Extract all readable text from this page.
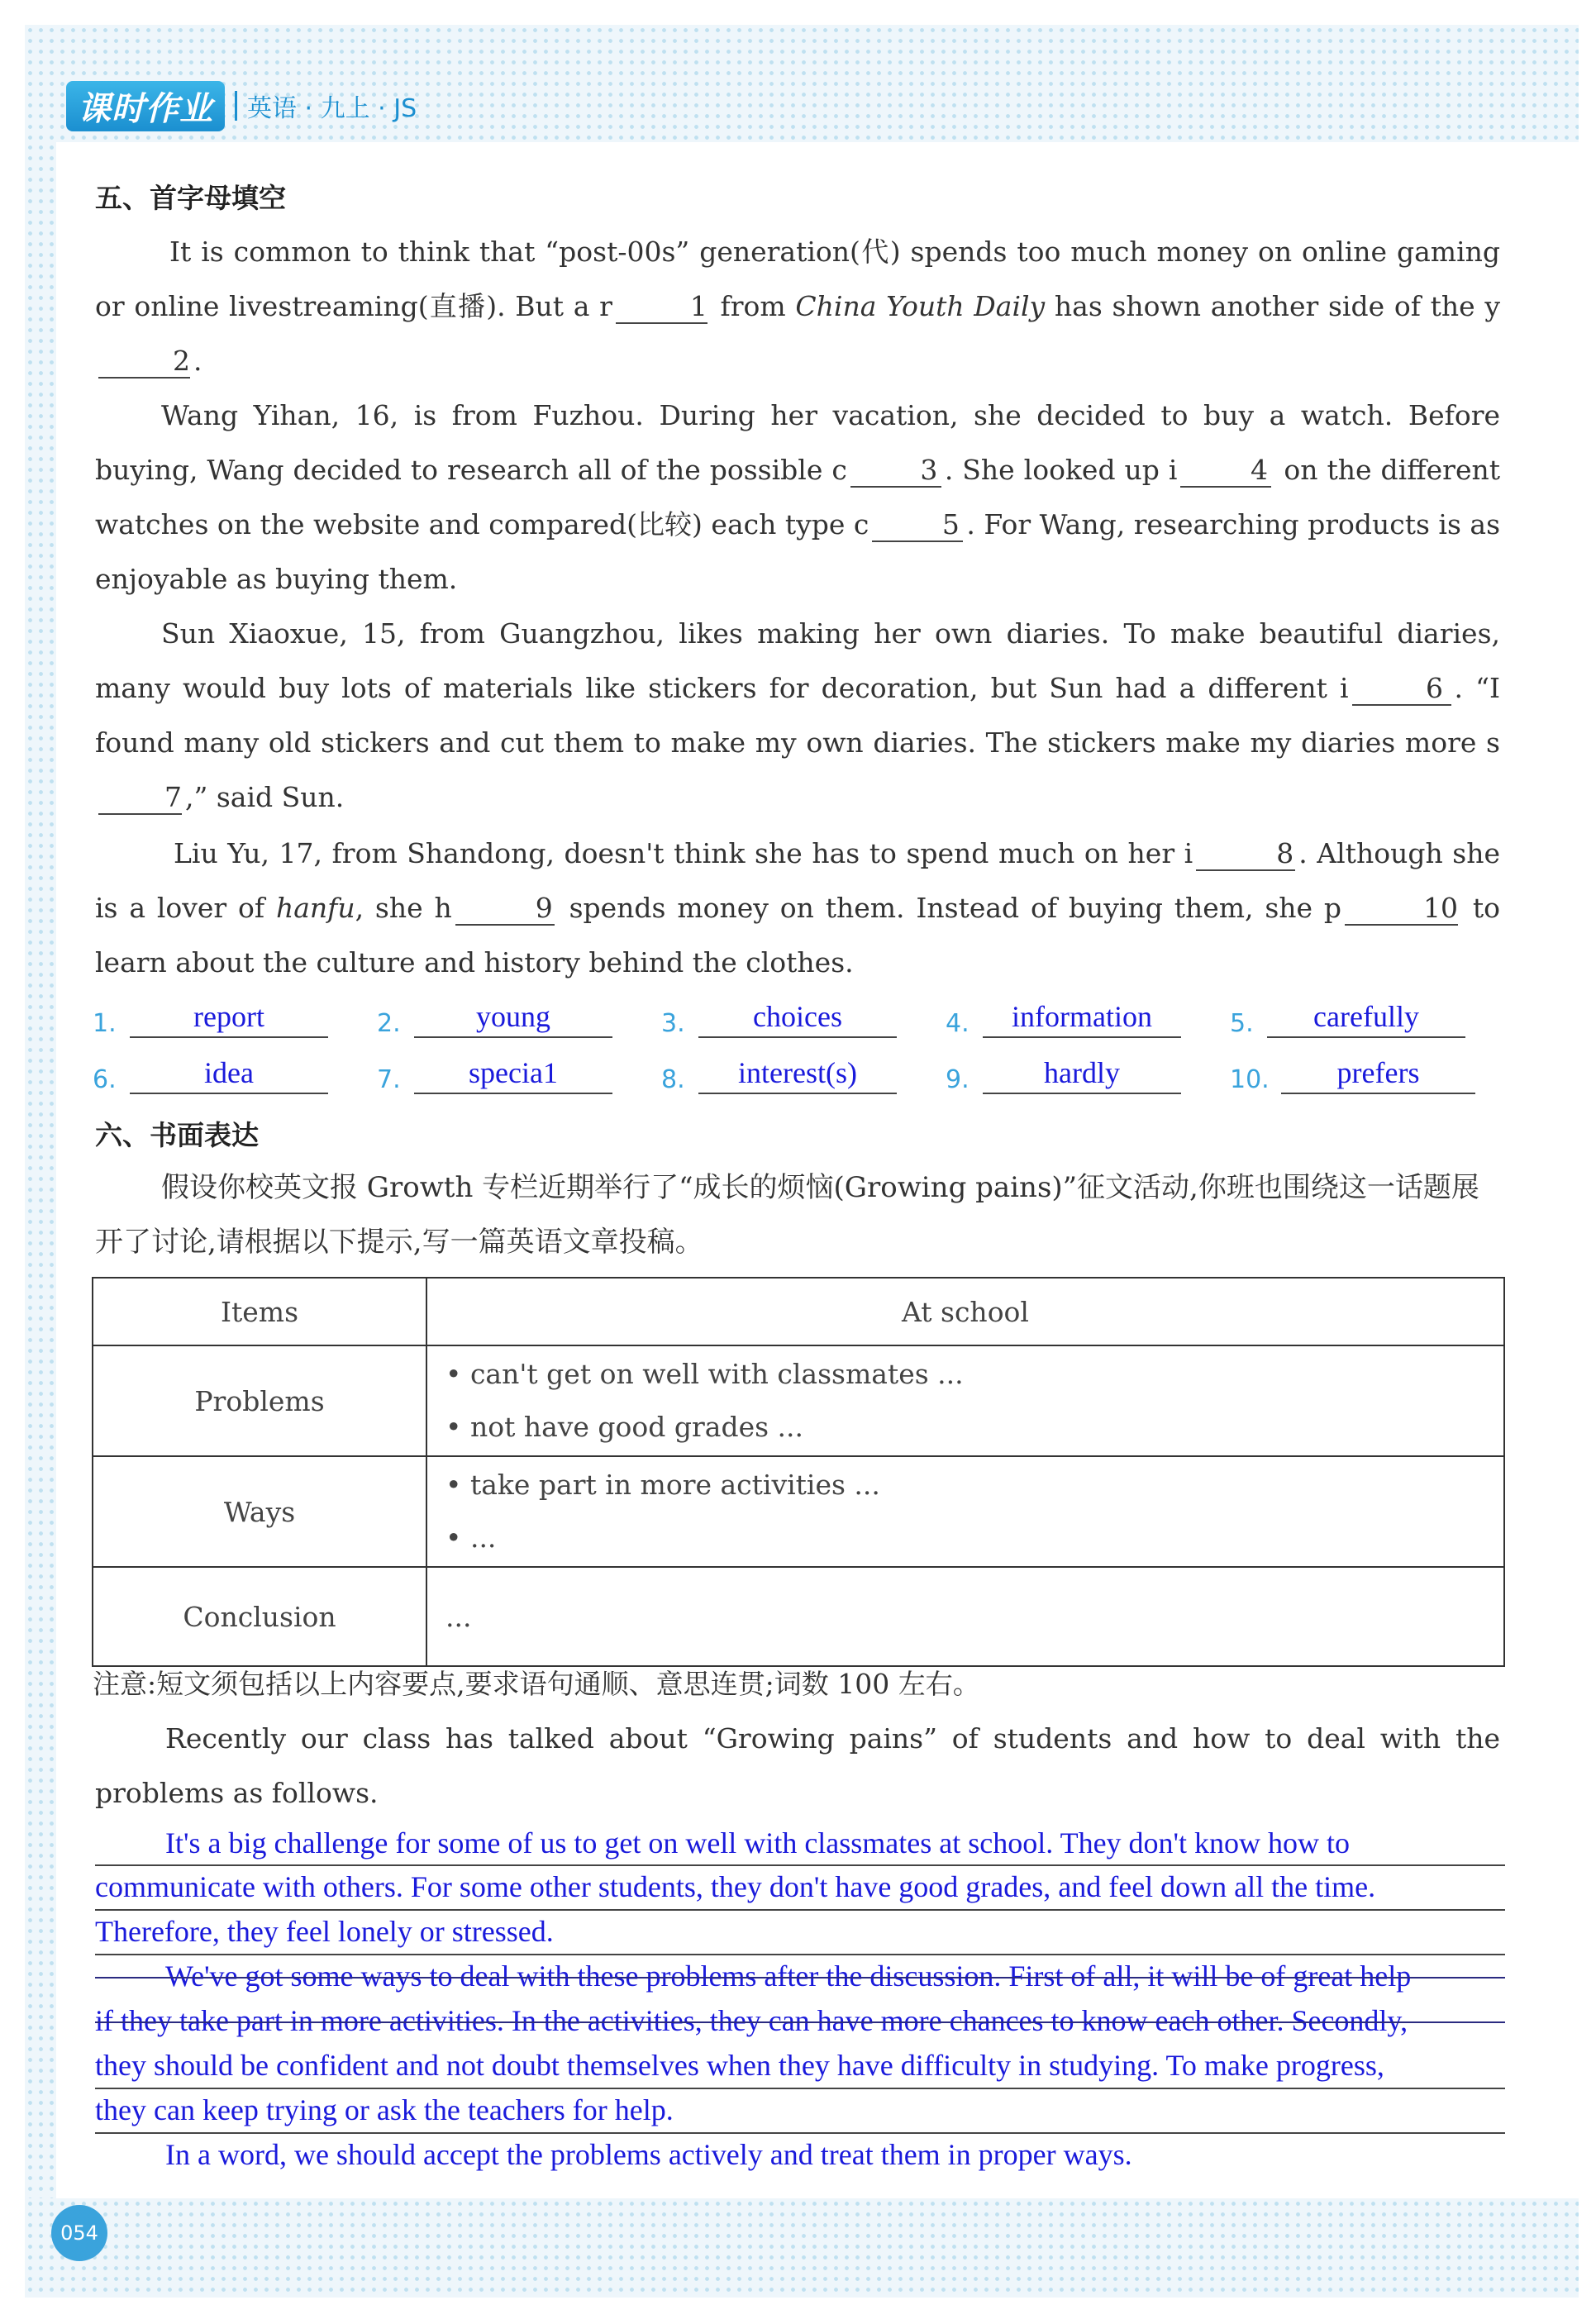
课时作业	英语 · 九上 · JS
五、首字母填空
It is common to think that “post-00s” generation(代) spends too much money on online gaming or online livestreaming(直播). But a r	1 from China Youth Daily has shown another side of the y2 .
Wang Yihan, 16, is from Fuzhou. During her vacation, she decided to buy a watch. Before buying, Wang decided to research all of the possible c	3 . She looked up i	4 on the different watches on the website and compared(比较) each type c	5 . For Wang, researching products is as enjoyable as buying them.
Sun Xiaoxue, 15, from Guangzhou, likes making her own diaries. To make beautiful diaries, many would buy lots of materials like stickers for decoration, but Sun had a different i	6 . “I found many old stickers and cut them to make my own diaries. The stickers make my diaries more s7 ,” said Sun.
Liu Yu, 17, from Shandong, doesn't think she has to spend much on her i	8 . Although she is a lover of hanfu, she h	9 spends money on them. Instead of buying them, she p	10 to learn about the culture and history behind the clothes.
1.	report	2.	young	3.	choices	4.	information	5.	carefully
6.	idea	7.	specia1	8.	interest(s)	9.	hardly	10.	prefers
六、书面表达
假设你校英文报 Growth 专栏近期举行了“成长的烦恼(Growing pains)”征文活动,你班也围绕这一话题展开了讨论,请根据以下提示,写一篇英语文章投稿。
Items	At school
Problems	• can't get on well with classmates ...
• not have good grades ...

Ways	• take part in more activities ...
• ...

Conclusion	...
注意:短文须包括以上内容要点,要求语句通顺、意思连贯;词数 100 左右。
Recently our class has talked about “Growing pains” of students and how to deal with the problems as follows.
It's a big challenge for some of us to get on well with classmates at school. They don't know how to
communicate with others. For some other students, they don't have good grades, and feel down all the time.
Therefore, they feel lonely or stressed.
We've got some ways to deal with these problems after the discussion. First of all, it will be of great help
if they take part in more activities. In the activities, they can have more chances to know each other. Secondly,
they should be confident and not doubt themselves when they have difficulty in studying. To make progress,
they can keep trying or ask the teachers for help.
In a word, we should accept the problems actively and treat them in proper ways.
054
